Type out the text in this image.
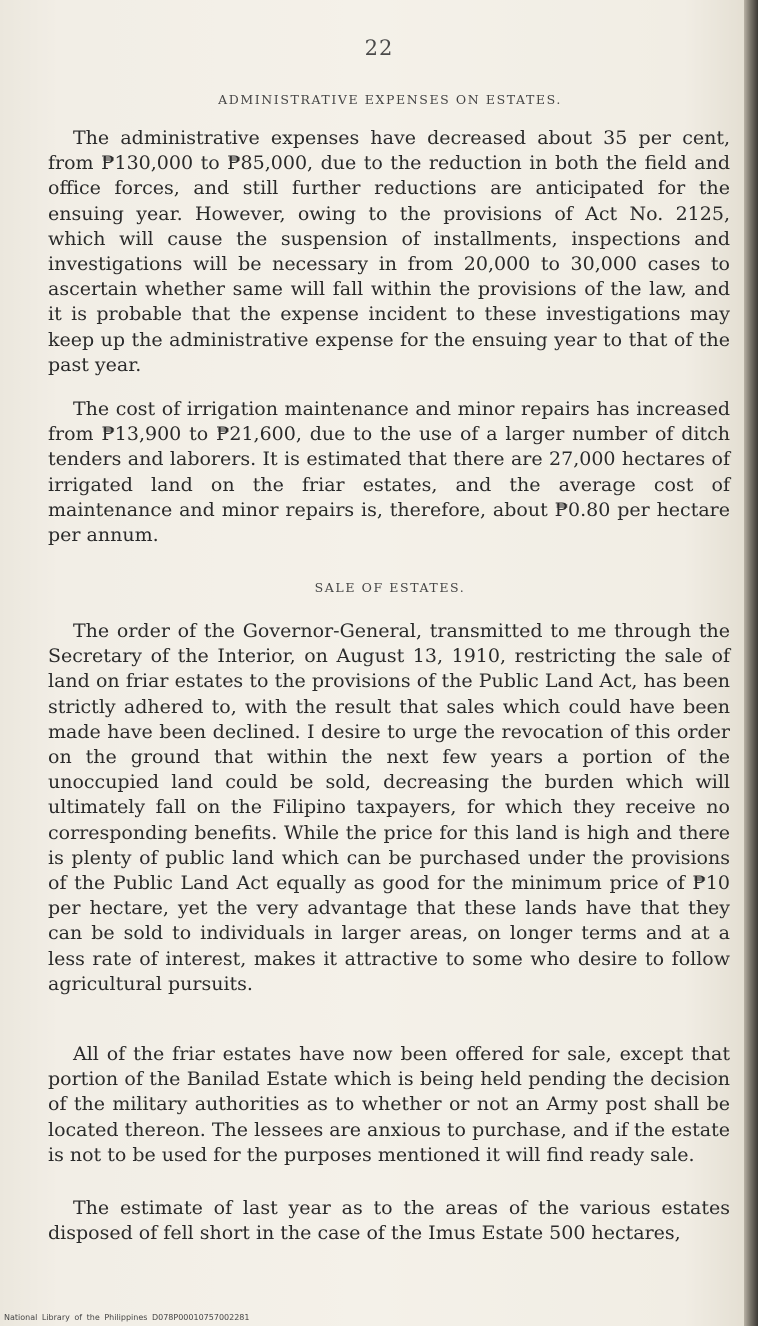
22
ADMINISTRATIVE EXPENSES ON ESTATES.

The administrative expenses have decreased about 35 per cent, from ₱130,000 to ₱85,000, due to the reduction in both the field and office forces, and still further reductions are anticipated for the ensuing year. However, owing to the provisions of Act No. 2125, which will cause the suspension of installments, inspections and investigations will be necessary in from 20,000 to 30,000 cases to ascertain whether same will fall within the provisions of the law, and it is probable that the expense incident to these investigations may keep up the administrative expense for the ensuing year to that of the past year.

The cost of irrigation maintenance and minor repairs has increased from ₱13,900 to ₱21,600, due to the use of a larger number of ditch tenders and laborers. It is estimated that there are 27,000 hectares of irrigated land on the friar estates, and the average cost of maintenance and minor repairs is, therefore, about ₱0.80 per hectare per annum.

SALE OF ESTATES.

The order of the Governor-General, transmitted to me through the Secretary of the Interior, on August 13, 1910, restricting the sale of land on friar estates to the provisions of the Public Land Act, has been strictly adhered to, with the result that sales which could have been made have been declined. I desire to urge the revocation of this order on the ground that within the next few years a portion of the unoccupied land could be sold, decreasing the burden which will ultimately fall on the Filipino taxpayers, for which they receive no corresponding benefits. While the price for this land is high and there is plenty of public land which can be purchased under the provisions of the Public Land Act equally as good for the minimum price of ₱10 per hectare, yet the very advantage that these lands have that they can be sold to individuals in larger areas, on longer terms and at a less rate of interest, makes it attractive to some who desire to follow agricultural pursuits.

All of the friar estates have now been offered for sale, except that portion of the Banilad Estate which is being held pending the decision of the military authorities as to whether or not an Army post shall be located thereon. The lessees are anxious to purchase, and if the estate is not to be used for the purposes mentioned it will find ready sale.

The estimate of last year as to the areas of the various estates disposed of fell short in the case of the Imus Estate 500 hectares,

National Library of the Philippines D078P00010757002281
